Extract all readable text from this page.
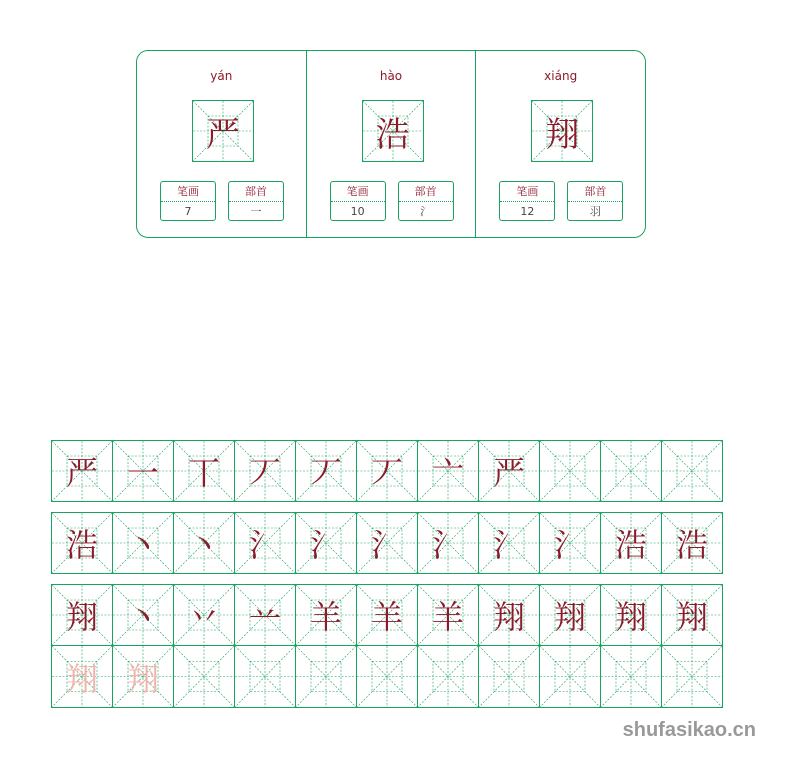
yán
严
笔画
7
部首
一
hào
浩
笔画
10
部首
氵
xiáng
翔
笔画
12
部首
羽
严 一 丅 丆 丆 丆 亠 严
浩 丶 丶 氵 氵 氵 氵 氵 氵 浩 浩
翔 丶 丷 䒑 羊 羊 羊 翔 翔 翔 翔
翔 翔
shufasikao.cn
